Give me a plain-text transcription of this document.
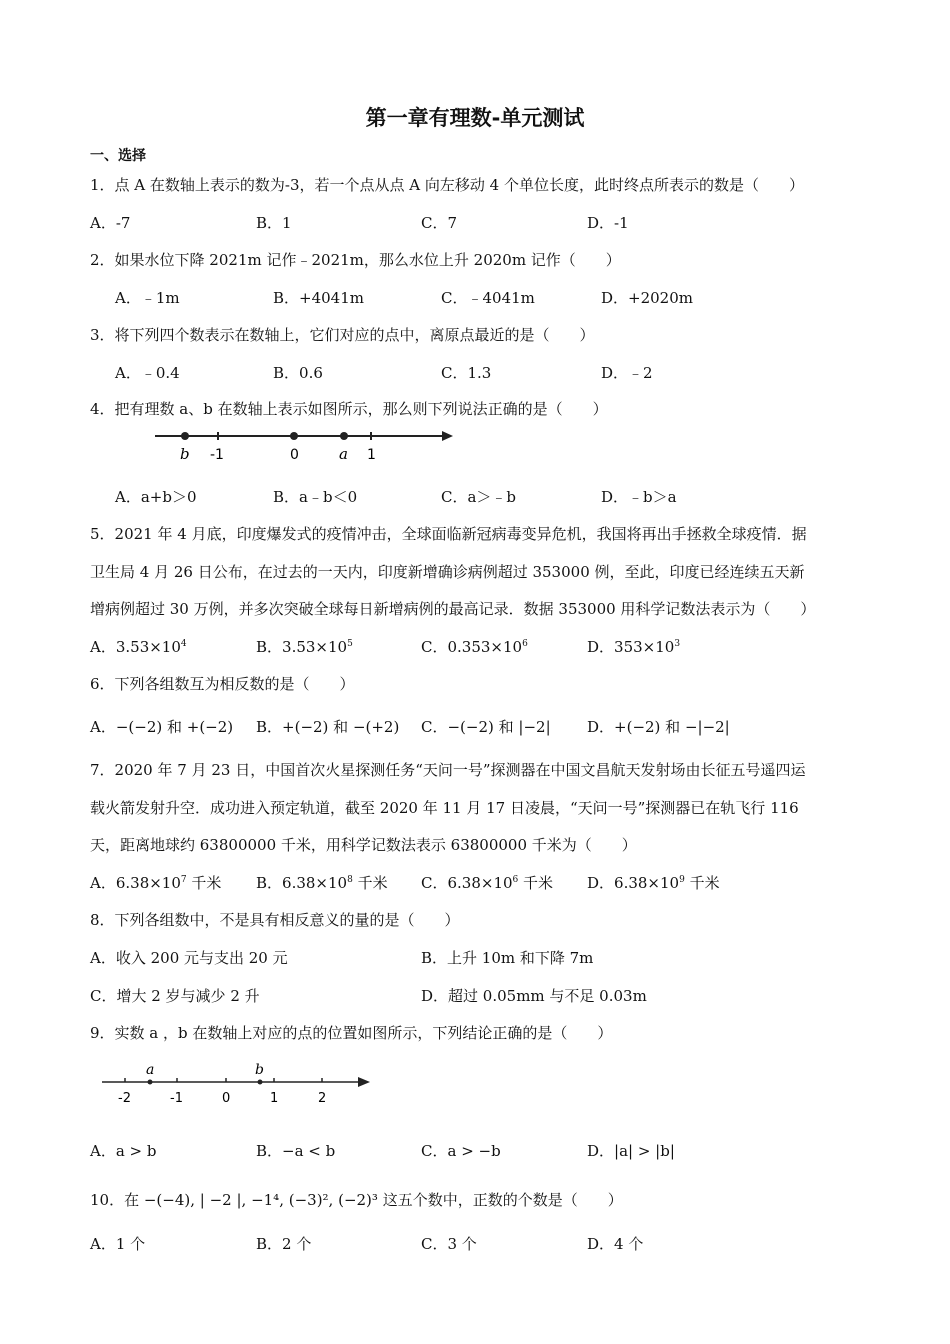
第一章有理数-单元测试
一、选择
1．点 A 在数轴上表示的数为-3，若一个点从点 A 向左移动 4 个单位长度，此时终点所表示的数是（　　）
A．-7	B．1	C．7	D．-1
2．如果水位下降 2021m 记作﹣2021m，那么水位上升 2020m 记作（　　）
A．﹣1m	B．+4041m	C．﹣4041m	D．+2020m
3．将下列四个数表示在数轴上，它们对应的点中，离原点最近的是（　　）
A．﹣0.4	B．0.6	C．1.3	D．﹣2
4．把有理数 a、b 在数轴上表示如图所示，那么则下列说法正确的是（　　）
b -1	0	a 1
A．a+b＞0	B．a﹣b＜0	C．a＞﹣b	D．﹣b＞a
5．2021 年 4 月底，印度爆发式的疫情冲击，全球面临新冠病毒变异危机，我国将再出手拯救全球疫情．据
卫生局 4 月 26 日公布，在过去的一天内，印度新增确诊病例超过 353000 例，至此，印度已经连续五天新
增病例超过 30 万例，并多次突破全球每日新增病例的最高记录．数据 353000 用科学记数法表示为（　　）
A．$3.53\times 10^4$	B．$3.53\times 10^5$	C．$0.353\times 10^6$	D．$353\times 10^3$
6．下列各组数互为相反数的是（　　）
A．−(−2) 和 +(−2) B．+(−2) 和 −(+2) C．−(−2) 和 |−2| D．+(−2) 和 −|−2|
7．2020 年 7 月 23 日，中国首次火星探测任务“天问一号”探测器在中国文昌航天发射场由长征五号遥四运
载火箭发射升空．成功进入预定轨道，截至 2020 年 11 月 17 日凌晨，“天问一号”探测器已在轨飞行 116
天，距离地球约 63800000 千米，用科学记数法表示 63800000 千米为（　　）
A．$6.38\times 10^7$ 千米 B．$6.38\times 10^8$ 千米 C．$6.38\times 10^6$ 千米 D．$6.38\times 10^9$ 千米
8．下列各组数中，不是具有相反意义的量的是（　　）
A．收入 200 元与支出 20 元	B．上升 10m 和下降 7m
C．增大 2 岁与减少 2 升	D．超过 0.05mm 与不足 0.03m
9．实数 a ，b 在数轴上对应的点的位置如图所示，下列结论正确的是（　　）
a	b
-2	-1	0	1	2
A．a > b	B．−a < b	C．a > −b	D．|a| > |b|
10．在 −(−4), | −2 |, −1⁴, (−3)², (−2)³ 这五个数中，正数的个数是（　　）
A．1 个	B．2 个	C．3 个	D．4 个
